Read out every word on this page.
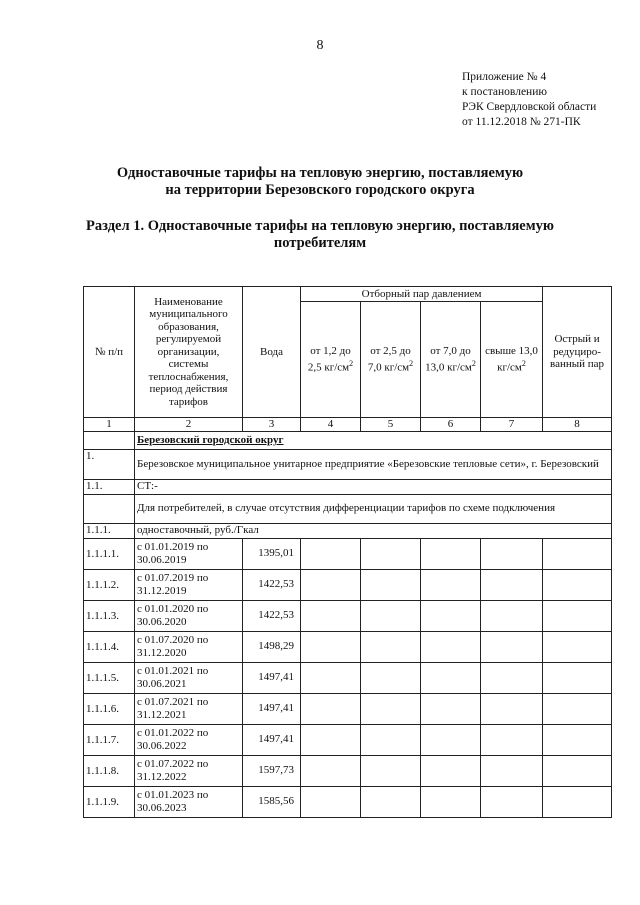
8
Приложение № 4
к постановлению
РЭК Свердловской области
от 11.12.2018 № 271-ПК
Одноставочные тарифы на тепловую энергию, поставляемую
на территории Березовского городского округа
Раздел 1. Одноставочные тарифы на тепловую энергию, поставляемую
потребителям
№ п/п	Наименование муниципального образования, регулируемой организации, системы теплоснабжения, период действия тарифов	Вода	Отборный пар давлением				Острый и редуциро-ванный пар
			от 1,2 до 2,5 $кг/см^2$	от 2,5 до 7,0 $кг/см^2$	от 7,0 до 13,0 $кг/см^2$	свыше 13,0 $кг/см^2$
1	2	3	4	5	6	7	8
	Березовский городской округ						
1.	Березовское муниципальное унитарное предприятие «Березовские тепловые сети», г. Березовский						
1.1.	СТ:-						
	Для потребителей, в случае отсутствия дифференциации тарифов по схеме подключения						
1.1.1.	одноставочный, руб./Гкал						
1.1.1.1.	с 01.01.2019 по 30.06.2019	1395,01					
1.1.1.2.	с 01.07.2019 по 31.12.2019	1422,53					
1.1.1.3.	с 01.01.2020 по 30.06.2020	1422,53					
1.1.1.4.	с 01.07.2020 по 31.12.2020	1498,29					
1.1.1.5.	с 01.01.2021 по 30.06.2021	1497,41					
1.1.1.6.	с 01.07.2021 по 31.12.2021	1497,41					
1.1.1.7.	с 01.01.2022 по 30.06.2022	1497,41					
1.1.1.8.	с 01.07.2022 по 31.12.2022	1597,73					
1.1.1.9.	с 01.01.2023 по 30.06.2023	1585,56					
